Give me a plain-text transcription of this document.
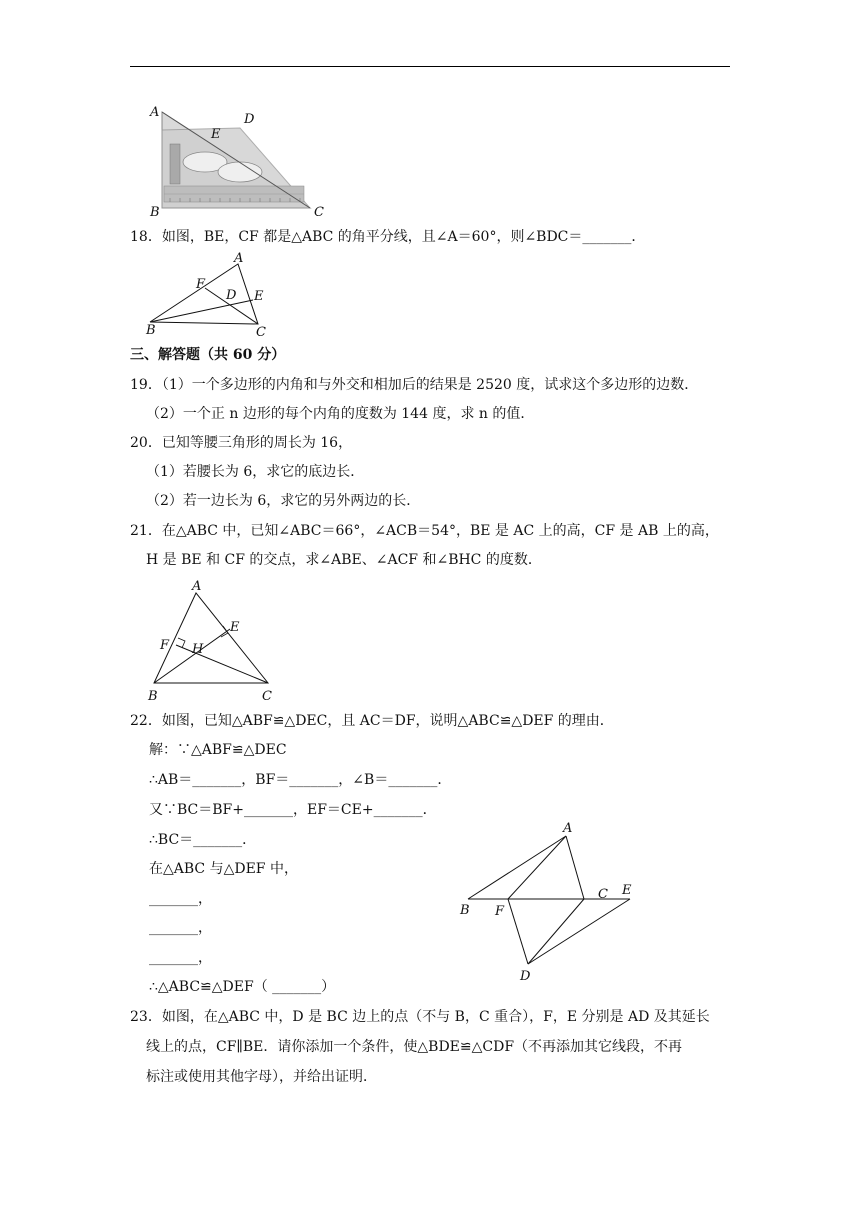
A	D
E
B	C
18．如图，BE，CF 都是△ABC 的角平分线，且∠A＝60°，则∠BDC＝_______．
A
F
D E
B	C
三、解答题（共 60 分）
19．（1）一个多边形的内角和与外交和相加后的结果是 2520 度，试求这个多边形的边数．
（2）一个正 n 边形的每个内角的度数为 144 度，求 n 的值．
20．已知等腰三角形的周长为 16，
（1）若腰长为 6，求它的底边长．
（2）若一边长为 6，求它的另外两边的长．
21．在△ABC 中，已知∠ABC＝66°，∠ACB＝54°，BE 是 AC 上的高，CF 是 AB 上的高，
H 是 BE 和 CF 的交点，求∠ABE、∠ACF 和∠BHC 的度数．
A
F H
E
B	C
22．如图，已知△ABF≌△DEC，且 AC＝DF，说明△ABC≌△DEF 的理由．
解：∵△ABF≌△DEC
∴AB＝_______，BF＝_______，∠B＝_______．
又∵BC＝BF+_______，EF＝CE+_______．
∴BC＝_______．
在△ABC 与△DEF 中，
_______，
_______，
_______，
∴△ABC≌△DEF（ _______）
A
B F
C E
D
23．如图，在△ABC 中，D 是 BC 边上的点（不与 B，C 重合），F，E 分别是 AD 及其延长
线上的点，CF∥BE．请你添加一个条件，使△BDE≌△CDF（不再添加其它线段，不再
标注或使用其他字母），并给出证明．
